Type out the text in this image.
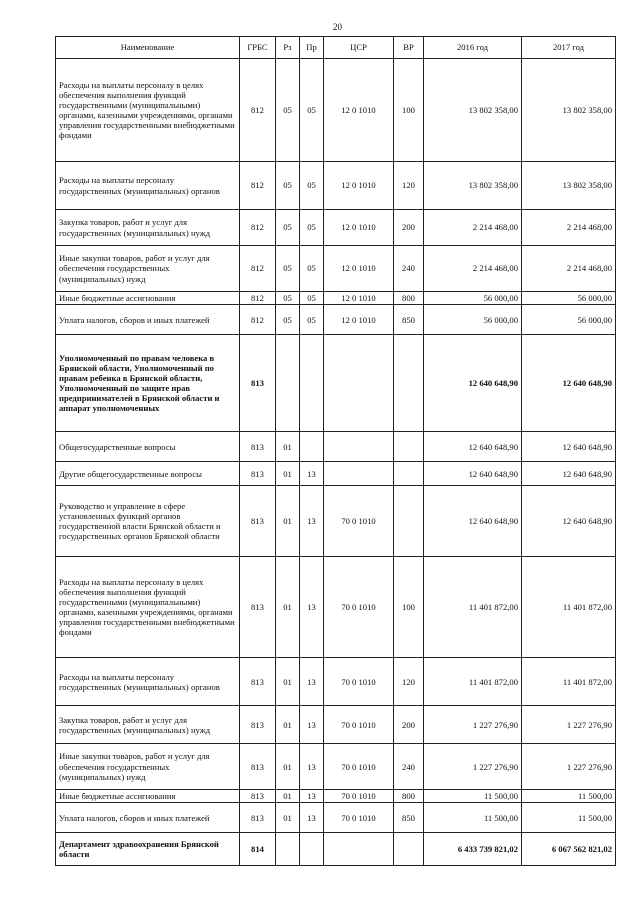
20
Наименование	ГРБС	Рз	Пр	ЦСР	ВР	2016 год	2017 год
Расходы на выплаты персоналу в целях обеспечения выполнения функций государственными (муниципальными) органами, казенными учреждениями, органами управления государственными внебюджетными фондами	812	05	05	12 0 1010	100	13 802 358,00	13 802 358,00
Расходы на выплаты персоналу государственных (муниципальных) органов	812	05	05	12 0 1010	120	13 802 358,00	13 802 358,00
Закупка товаров, работ и услуг для государственных (муниципальных) нужд	812	05	05	12 0 1010	200	2 214 468,00	2 214 468,00
Иные закупки товаров, работ и услуг для обеспечения государственных (муниципальных) нужд	812	05	05	12 0 1010	240	2 214 468,00	2 214 468,00
Иные бюджетные ассигнования	812	05	05	12 0 1010	800	56 000,00	56 000,00
Уплата налогов, сборов и иных платежей	812	05	05	12 0 1010	850	56 000,00	56 000,00
Уполномоченный по правам человека в Брянской области, Уполномоченный по правам ребенка в Брянской области, Уполномоченный по защите прав предпринимателей в Брянской области и аппарат уполномоченных	813					12 640 648,90	12 640 648,90
Общегосударственные вопросы	813	01				12 640 648,90	12 640 648,90
Другие общегосударственные вопросы	813	01	13			12 640 648,90	12 640 648,90
Руководство и управление в сфере установленных функций органов государственной власти Брянской области и государственных органов Брянской области	813	01	13	70 0 1010		12 640 648,90	12 640 648,90
Расходы на выплаты персоналу в целях обеспечения выполнения функций государственными (муниципальными) органами, казенными учреждениями, органами управления государственными внебюджетными фондами	813	01	13	70 0 1010	100	11 401 872,00	11 401 872,00
Расходы на выплаты персоналу государственных (муниципальных) органов	813	01	13	70 0 1010	120	11 401 872,00	11 401 872,00
Закупка товаров, работ и услуг для государственных (муниципальных) нужд	813	01	13	70 0 1010	200	1 227 276,90	1 227 276,90
Иные закупки товаров, работ и услуг для обеспечения государственных (муниципальных) нужд	813	01	13	70 0 1010	240	1 227 276,90	1 227 276,90
Иные бюджетные ассигнования	813	01	13	70 0 1010	800	11 500,00	11 500,00
Уплата налогов, сборов и иных платежей	813	01	13	70 0 1010	850	11 500,00	11 500,00
Департамент здравоохранения Брянской области	814					6 433 739 821,02	6 067 562 821,02
